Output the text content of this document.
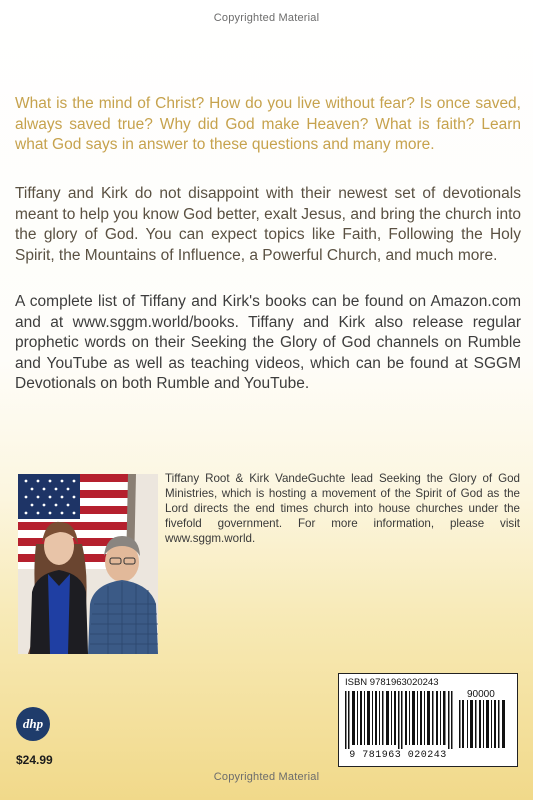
Copyrighted Material
What is the mind of Christ? How do you live without fear? Is once saved, always saved true? Why did God make Heaven? What is faith? Learn what God says in answer to these questions and many more.
Tiffany and Kirk do not disappoint with their newest set of devotionals meant to help you know God better, exalt Jesus, and bring the church into the glory of God. You can expect topics like Faith, Following the Holy Spirit, the Mountains of Influence, a Powerful Church, and much more.
A complete list of Tiffany and Kirk's books can be found on Amazon.com and at www.sggm.world/books. Tiffany and Kirk also release regular prophetic words on their Seeking the Glory of God channels on Rumble and YouTube as well as teaching videos, which can be found at SGGM Devotionals on both Rumble and YouTube.
Tiffany Root & Kirk VandeGuchte lead Seeking the Glory of God Ministries, which is hosting a movement of the Spirit of God as the Lord directs the end times church into house churches under the fivefold government. For more information, please visit www.sggm.world.
dhp
$24.99
ISBN 9781963020243
90000
9 781963 020243
Copyrighted Material
